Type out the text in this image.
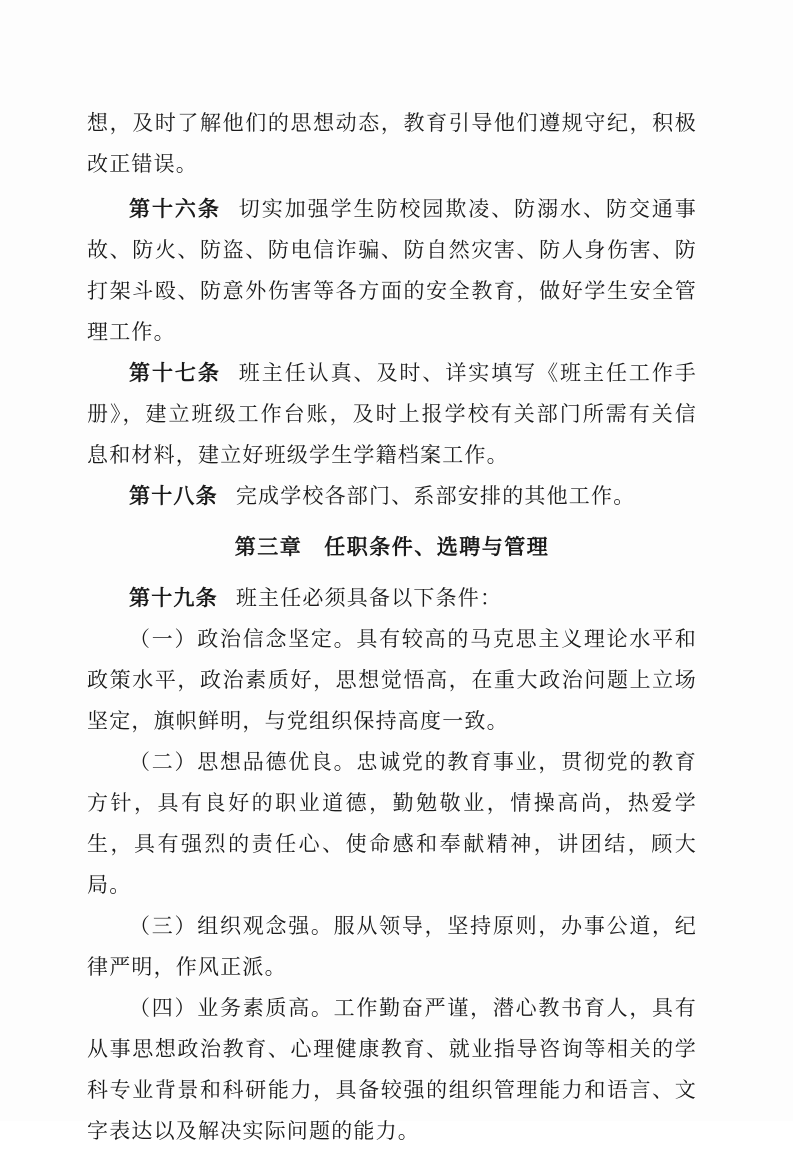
想，及时了解他们的思想动态，教育引导他们遵规守纪，积极改正错误。

第十六条 切实加强学生防校园欺凌、防溺水、防交通事故、防火、防盗、防电信诈骗、防自然灾害、防人身伤害、防打架斗殴、防意外伤害等各方面的安全教育，做好学生安全管理工作。

第十七条 班主任认真、及时、详实填写《班主任工作手册》，建立班级工作台账，及时上报学校有关部门所需有关信息和材料，建立好班级学生学籍档案工作。

第十八条 完成学校各部门、系部安排的其他工作。

第三章 任职条件、选聘与管理

第十九条 班主任必须具备以下条件：

（一）政治信念坚定。具有较高的马克思主义理论水平和政策水平，政治素质好，思想觉悟高，在重大政治问题上立场坚定，旗帜鲜明，与党组织保持高度一致。

（二）思想品德优良。忠诚党的教育事业，贯彻党的教育方针，具有良好的职业道德，勤勉敬业，情操高尚，热爱学生，具有强烈的责任心、使命感和奉献精神，讲团结，顾大局。

（三）组织观念强。服从领导，坚持原则，办事公道，纪律严明，作风正派。

（四）业务素质高。工作勤奋严谨，潜心教书育人，具有从事思想政治教育、心理健康教育、就业指导咨询等相关的学科专业背景和科研能力，具备较强的组织管理能力和语言、文字表达以及解决实际问题的能力。
